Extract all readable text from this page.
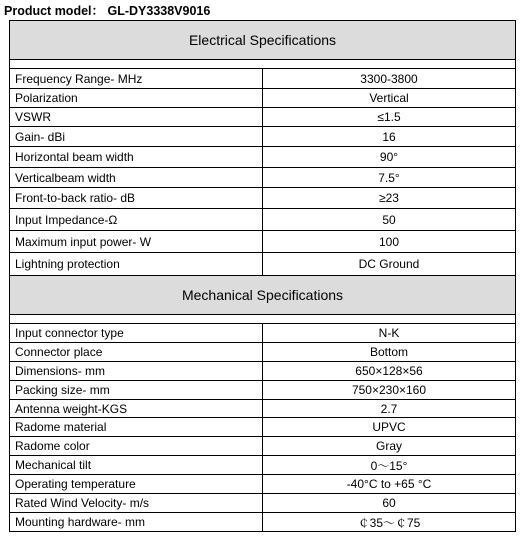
Product model： GL-DY3338V9016
Electrical Specifications	

Frequency Range- MHz	3300-3800
Polarization	Vertical
VSWR	≤1.5
Gain- dBi	16
Horizontal beam width	90°
Verticalbeam width	7.5°
Front-to-back ratio- dB	≥23
Input Impedance-Ω	50
Maximum input power- W	100
Lightning protection	DC Ground
Mechanical Specifications	

Input connector type	N-K
Connector place	Bottom
Dimensions- mm	650×128×56
Packing size- mm	750×230×160
Antenna weight-KGS	2.7
Radome material	UPVC
Radome color	Gray
Mechanical tilt	0～15°
Operating temperature	-40°C to +65 °C
Rated Wind Velocity- m/s	60
Mounting hardware- mm	￠35～￠75
